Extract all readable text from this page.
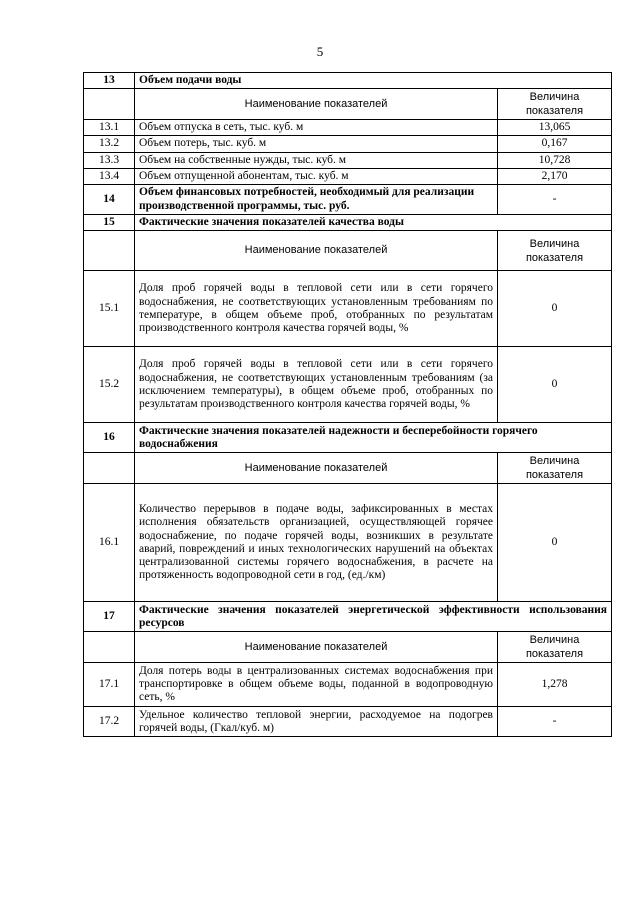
5
13	Объем подачи воды	
	Наименование показателей	Величина показателя
13.1	Объем отпуска в сеть, тыс. куб. м	13,065
13.2	Объем потерь, тыс. куб. м	0,167
13.3	Объем на собственные нужды, тыс. куб. м	10,728
13.4	Объем отпущенной абонентам, тыс. куб. м	2,170
14	Объем финансовых потребностей, необходимый для реализации производственной программы, тыс. руб.	-
15	Фактические значения показателей качества воды	
	Наименование показателей	Величина показателя
15.1	Доля проб горячей воды в тепловой сети или в сети горячего водоснабжения, не соответствующих установленным требованиям по температуре, в общем объеме проб, отобранных по результатам производственного контроля качества горячей воды, %	0
15.2	Доля проб горячей воды в тепловой сети или в сети горячего водоснабжения, не соответствующих установленным требованиям (за исключением температуры), в общем объеме проб, отобранных по результатам производственного контроля качества горячей воды, %	0
16	Фактические значения показателей надежности и бесперебойности горячего водоснабжения	
	Наименование показателей	Величина показателя
16.1	Количество перерывов в подаче воды, зафиксированных в местах исполнения обязательств организацией, осуществляющей горячее водоснабжение, по подаче горячей воды, возникших в результате аварий, повреждений и иных технологических нарушений на объектах централизованной системы горячего водоснабжения, в расчете на протяженность водопроводной сети в год, (ед./км)	0
17	Фактические значения показателей энергетической эффективности использования ресурсов	
	Наименование показателей	Величина показателя
17.1	Доля потерь воды в централизованных системах водоснабжения при транспортировке в общем объеме воды, поданной в водопроводную сеть, %	1,278
17.2	Удельное количество тепловой энергии, расходуемое на подогрев горячей воды, (Гкал/куб. м)	-
